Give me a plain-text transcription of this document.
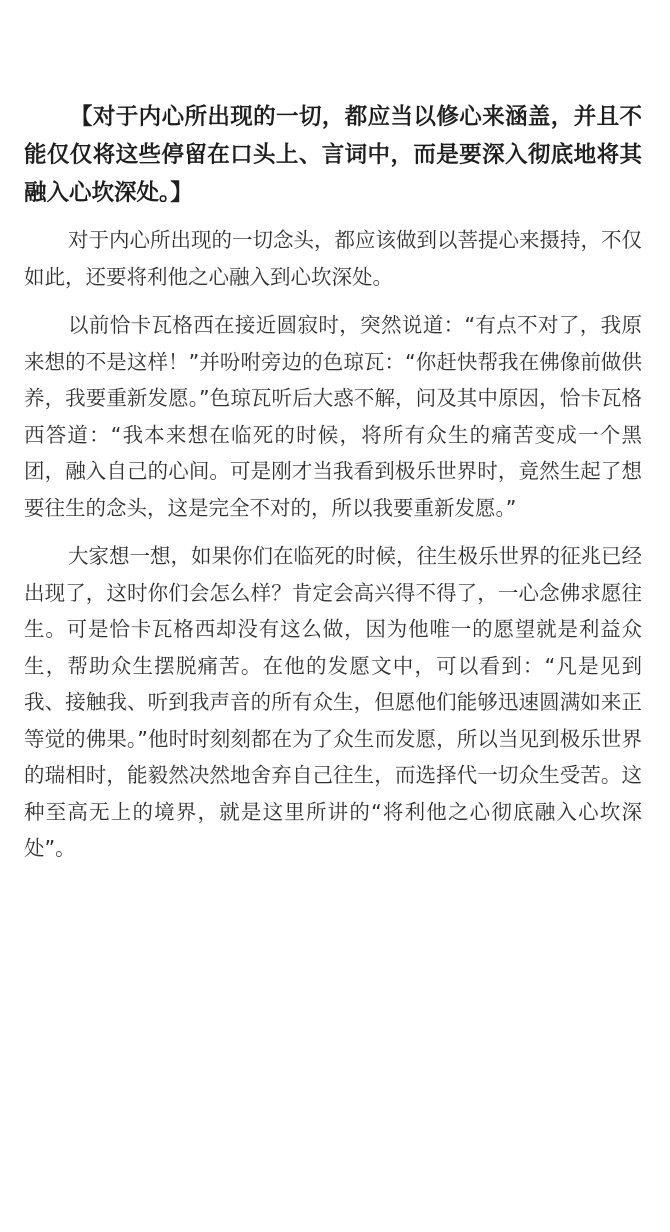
【对于内心所出现的一切，都应当以修心来涵盖，并且不能仅仅将这些停留在口头上、言词中，而是要深入彻底地将其融入心坎深处。】

对于内心所出现的一切念头，都应该做到以菩提心来摄持，不仅如此，还要将利他之心融入到心坎深处。

以前恰卡瓦格西在接近圆寂时，突然说道：“有点不对了，我原来想的不是这样！”并吩咐旁边的色琼瓦：“你赶快帮我在佛像前做供养，我要重新发愿。”色琼瓦听后大惑不解，问及其中原因，恰卡瓦格西答道：“我本来想在临死的时候，将所有众生的痛苦变成一个黑团，融入自己的心间。可是刚才当我看到极乐世界时，竟然生起了想要往生的念头，这是完全不对的，所以我要重新发愿。”

大家想一想，如果你们在临死的时候，往生极乐世界的征兆已经出现了，这时你们会怎么样？肯定会高兴得不得了，一心念佛求愿往生。可是恰卡瓦格西却没有这么做，因为他唯一的愿望就是利益众生，帮助众生摆脱痛苦。在他的发愿文中，可以看到：“凡是见到我、接触我、听到我声音的所有众生，但愿他们能够迅速圆满如来正等觉的佛果。”他时时刻刻都在为了众生而发愿，所以当见到极乐世界的瑞相时，能毅然决然地舍弃自己往生，而选择代一切众生受苦。这种至高无上的境界，就是这里所讲的“将利他之心彻底融入心坎深处”。
